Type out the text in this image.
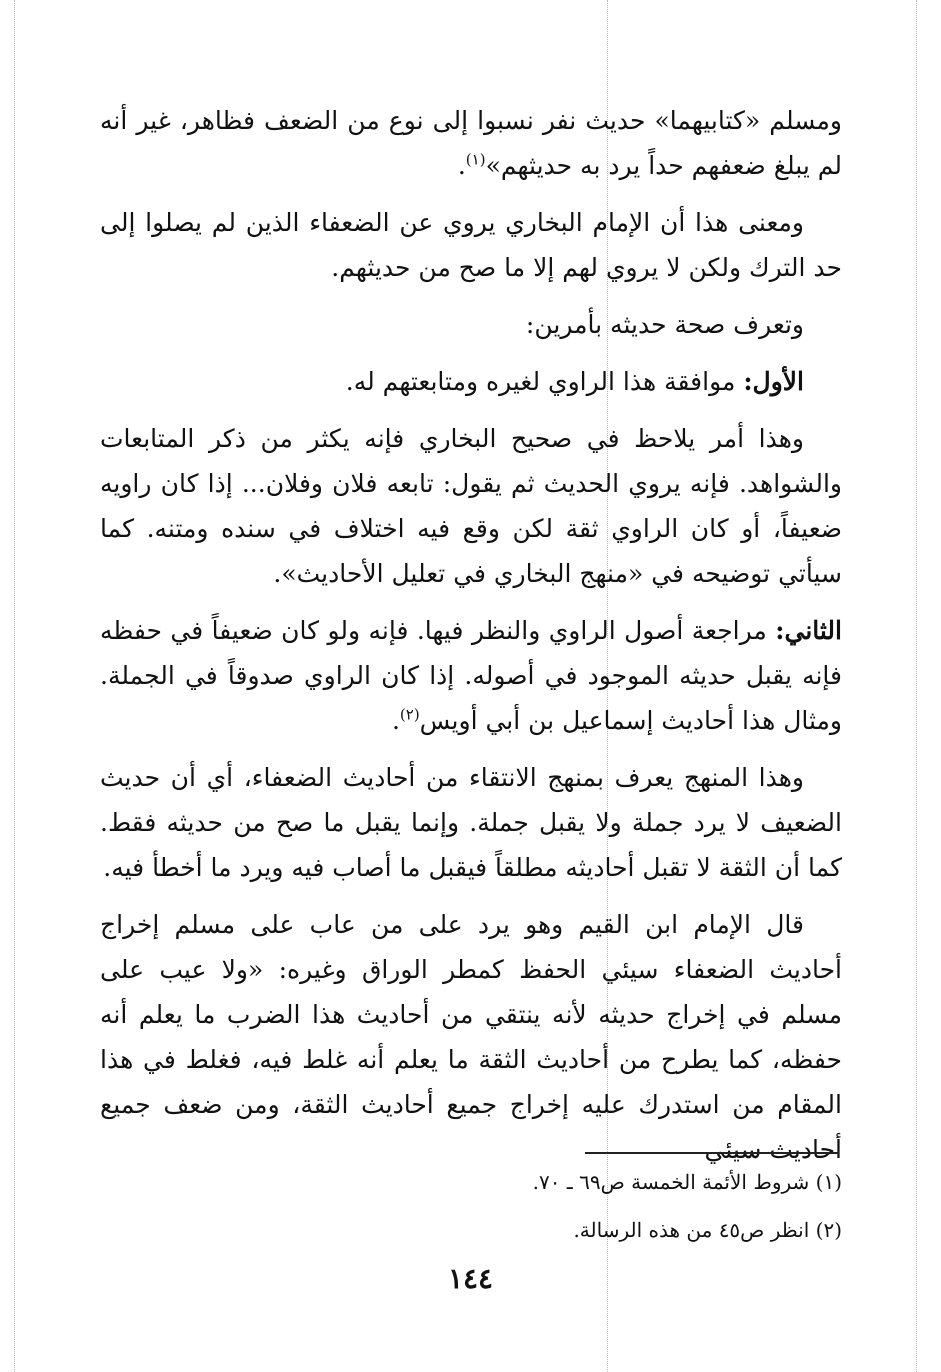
ومسلم «كتابيهما» حديث نفر نسبوا إلى نوع من الضعف فظاهر، غير أنه لم يبلغ ضعفهم حداً يرد به حديثهم»$^{(١)}$.

ومعنى هذا أن الإمام البخاري يروي عن الضعفاء الذين لم يصلوا إلى حد الترك ولكن لا يروي لهم إلا ما صح من حديثهم.

وتعرف صحة حديثه بأمرين:

الأول: موافقة هذا الراوي لغيره ومتابعتهم له.

وهذا أمر يلاحظ في صحيح البخاري فإنه يكثر من ذكر المتابعات والشواهد. فإنه يروي الحديث ثم يقول: تابعه فلان وفلان... إذا كان راويه ضعيفاً، أو كان الراوي ثقة لكن وقع فيه اختلاف في سنده ومتنه. كما سيأتي توضيحه في «منهج البخاري في تعليل الأحاديث».

الثاني: مراجعة أصول الراوي والنظر فيها. فإنه ولو كان ضعيفاً في حفظه فإنه يقبل حديثه الموجود في أصوله. إذا كان الراوي صدوقاً في الجملة. ومثال هذا أحاديث إسماعيل بن أبي أويس$^{(٢)}$.

وهذا المنهج يعرف بمنهج الانتقاء من أحاديث الضعفاء، أي أن حديث الضعيف لا يرد جملة ولا يقبل جملة. وإنما يقبل ما صح من حديثه فقط. كما أن الثقة لا تقبل أحاديثه مطلقاً فيقبل ما أصاب فيه ويرد ما أخطأ فيه.

قال الإمام ابن القيم وهو يرد على من عاب على مسلم إخراج أحاديث الضعفاء سيئي الحفظ كمطر الوراق وغيره: «ولا عيب على مسلم في إخراج حديثه لأنه ينتقي من أحاديث هذا الضرب ما يعلم أنه حفظه، كما يطرح من أحاديث الثقة ما يعلم أنه غلط فيه، فغلط في هذا المقام من استدرك عليه إخراج جميع أحاديث الثقة، ومن ضعف جميع أحاديث سيئي

(١) شروط الأئمة الخمسة ص٦٩ ـ ٧٠.
(٢) انظر ص٤٥ من هذه الرسالة.
١٤٤
